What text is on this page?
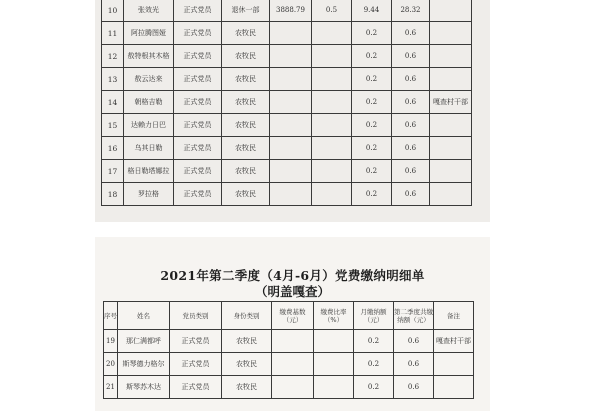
10	张效光	正式党员	退休一部	3888.79	0.5	9.44	28.32	
11	阿拉腾图娅	正式党员	农牧民			0.2	0.6	
12	敖特根其木格	正式党员	农牧民			0.2	0.6	
13	敖云达来	正式党员	农牧民			0.2	0.6	
14	朝格吉勒	正式党员	农牧民			0.2	0.6	嘎查村干部
15	达赖力日巴	正式党员	农牧民			0.2	0.6	
16	乌其日勒	正式党员	农牧民			0.2	0.6	
17	格日勒塔娜拉	正式党员	农牧民			0.2	0.6	
18	罗拉格	正式党员	农牧民			0.2	0.6	
2021年第二季度（4月-6月）党费缴纳明细单
（明盖嘎查）
序号	姓名	党员类别	身份类别	缴费基数（元）	缴费比率（%）	月缴纳额（元）	第二季度共缴纳额（元）	备注
19	那仁满都呼	正式党员	农牧民			0.2	0.6	嘎查村干部
20	斯琴德力格尔	正式党员	农牧民			0.2	0.6	
21	斯琴苏木达	正式党员	农牧民			0.2	0.6	
